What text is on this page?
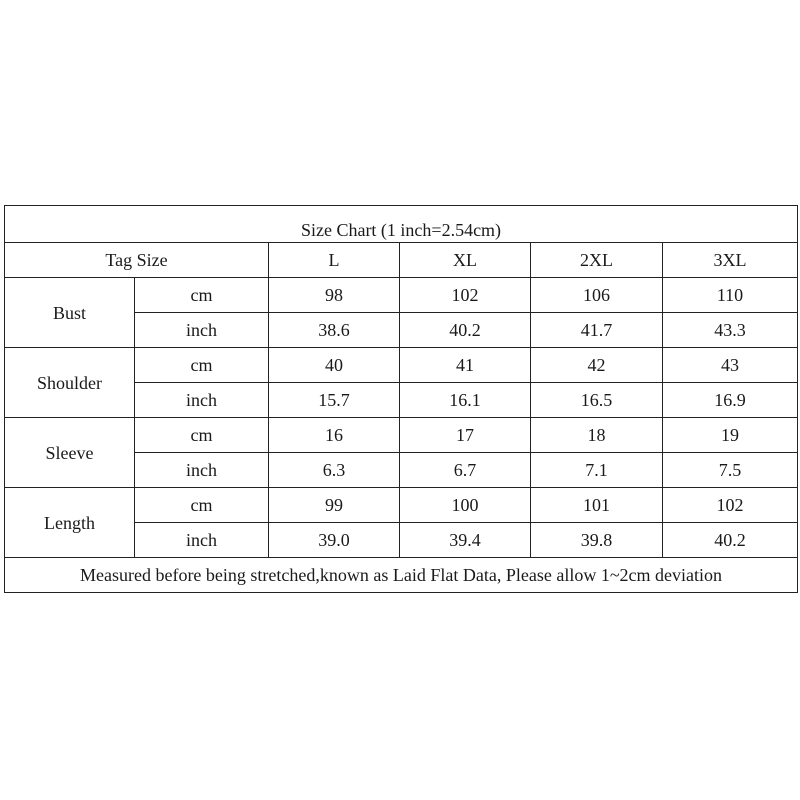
Size Chart (1 inch=2.54cm)					
Tag Size		L	XL	2XL	3XL
Bust	cm	98	102	106	110
	inch	38.6	40.2	41.7	43.3
Shoulder	cm	40	41	42	43
	inch	15.7	16.1	16.5	16.9
Sleeve	cm	16	17	18	19
	inch	6.3	6.7	7.1	7.5
Length	cm	99	100	101	102
	inch	39.0	39.4	39.8	40.2
Measured before being stretched,known as Laid Flat Data, Please allow 1~2cm deviation					
